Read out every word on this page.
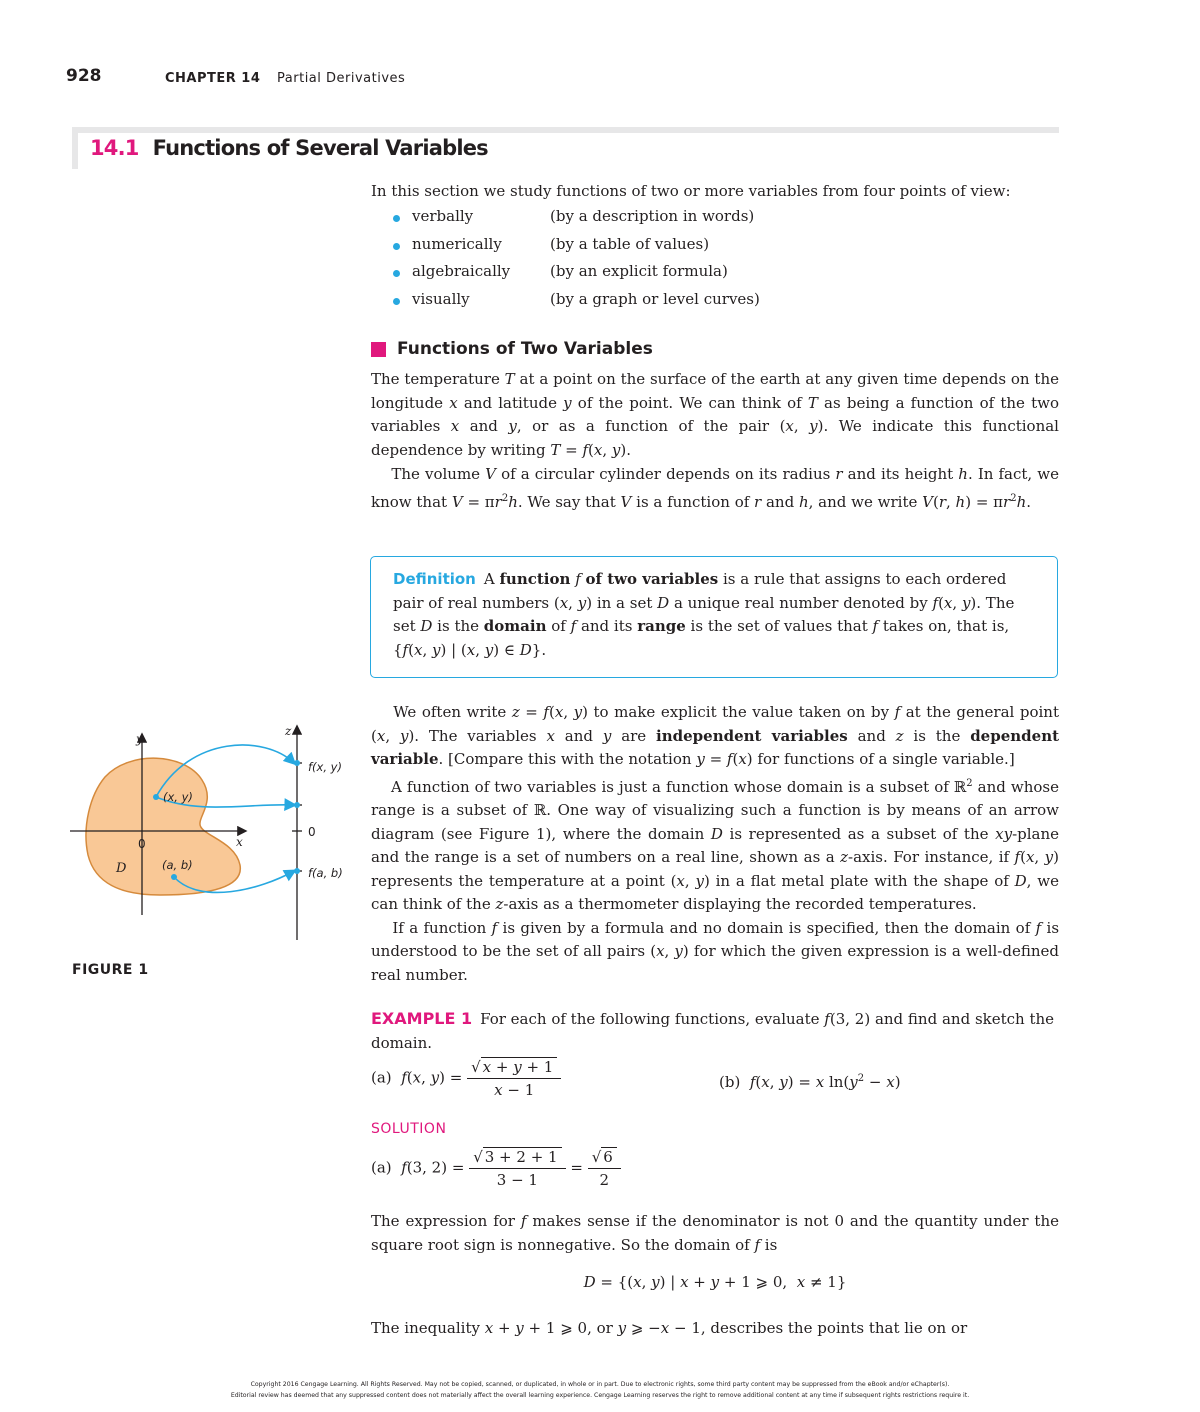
928	CHAPTER 14 Partial Derivatives
14.1 Functions of Several Variables
In this section we study functions of two or more variables from four points of view:
verbally	(by a description in words)
numerically	(by a table of values)
algebraically	(by an explicit formula)
visually	(by a graph or level curves)
Functions of Two Variables
The temperature T at a point on the surface of the earth at any given time depends on the longitude x and latitude y of the point. We can think of T as being a function of the two variables x and y, or as a function of the pair (x, y). We indicate this functional dependence by writing T = f(x, y).
The volume V of a circular cylinder depends on its radius r and its height h. In fact, we know that $V = \pi r^2h$. We say that V is a function of r and h, and we write V(r, $h) = \pi r^2h$.
Definition A function f of two variables is a rule that assigns to each ordered pair of real numbers (x, y) in a set D a unique real number denoted by f(x, y). The set D is the domain of f and its range is the set of values that f takes on, that is, {f(x, y) | (x, y) ∈ D}.
y
x
z
0
0
D
(x, y)
(a, b)
f(x, y)
f(a, b)
FIGURE 1
We often write z = f(x, y) to make explicit the value taken on by f at the general point (x, y). The variables x and y are independent variables and z is the dependent variable. [Compare this with the notation y = f(x) for functions of a single variable.]
A function of two variables is just a function whose domain is a subset of ℝ$^2$ and whose range is a subset of ℝ. One way of visualizing such a function is by means of an arrow diagram (see Figure 1), where the domain D is represented as a subset of the xy-plane and the range is a set of numbers on a real line, shown as a z-axis. For instance, if f(x, y) represents the temperature at a point (x, y) in a flat metal plate with the shape of D, we can think of the z-axis as a thermometer displaying the recorded temperatures.
If a function f is given by a formula and no domain is specified, then the domain of f is understood to be the set of all pairs (x, y) for which the given expression is a well-defined real number.
EXAMPLE 1 For each of the following functions, evaluate f(3, 2) and find and sketch the domain.
(a)  f(x, $y) = \frac{√ x + y + 1}{x - 1}$	(b)  f(x, y) = x $\ln(y^2 - x)$
SOLUTION
(a)  f(3, $2) = \frac{√ 3 + 2 + 1}{3 - 1} = \frac{√ 6}{2}$
The expression for f makes sense if the denominator is not 0 and the quantity under the square root sign is nonnegative. So the domain of f is
D = {(x, y) | x + y + 1 ⩾ 0,  x ≠ 1}
The inequality x + y + 1 ⩾ 0, or y ⩾ −x − 1, describes the points that lie on or
Copyright 2016 Cengage Learning. All Rights Reserved. May not be copied, scanned, or duplicated, in whole or in part. Due to electronic rights, some third party content may be suppressed from the eBook and/or eChapter(s).
Editorial review has deemed that any suppressed content does not materially affect the overall learning experience. Cengage Learning reserves the right to remove additional content at any time if subsequent rights restrictions require it.
